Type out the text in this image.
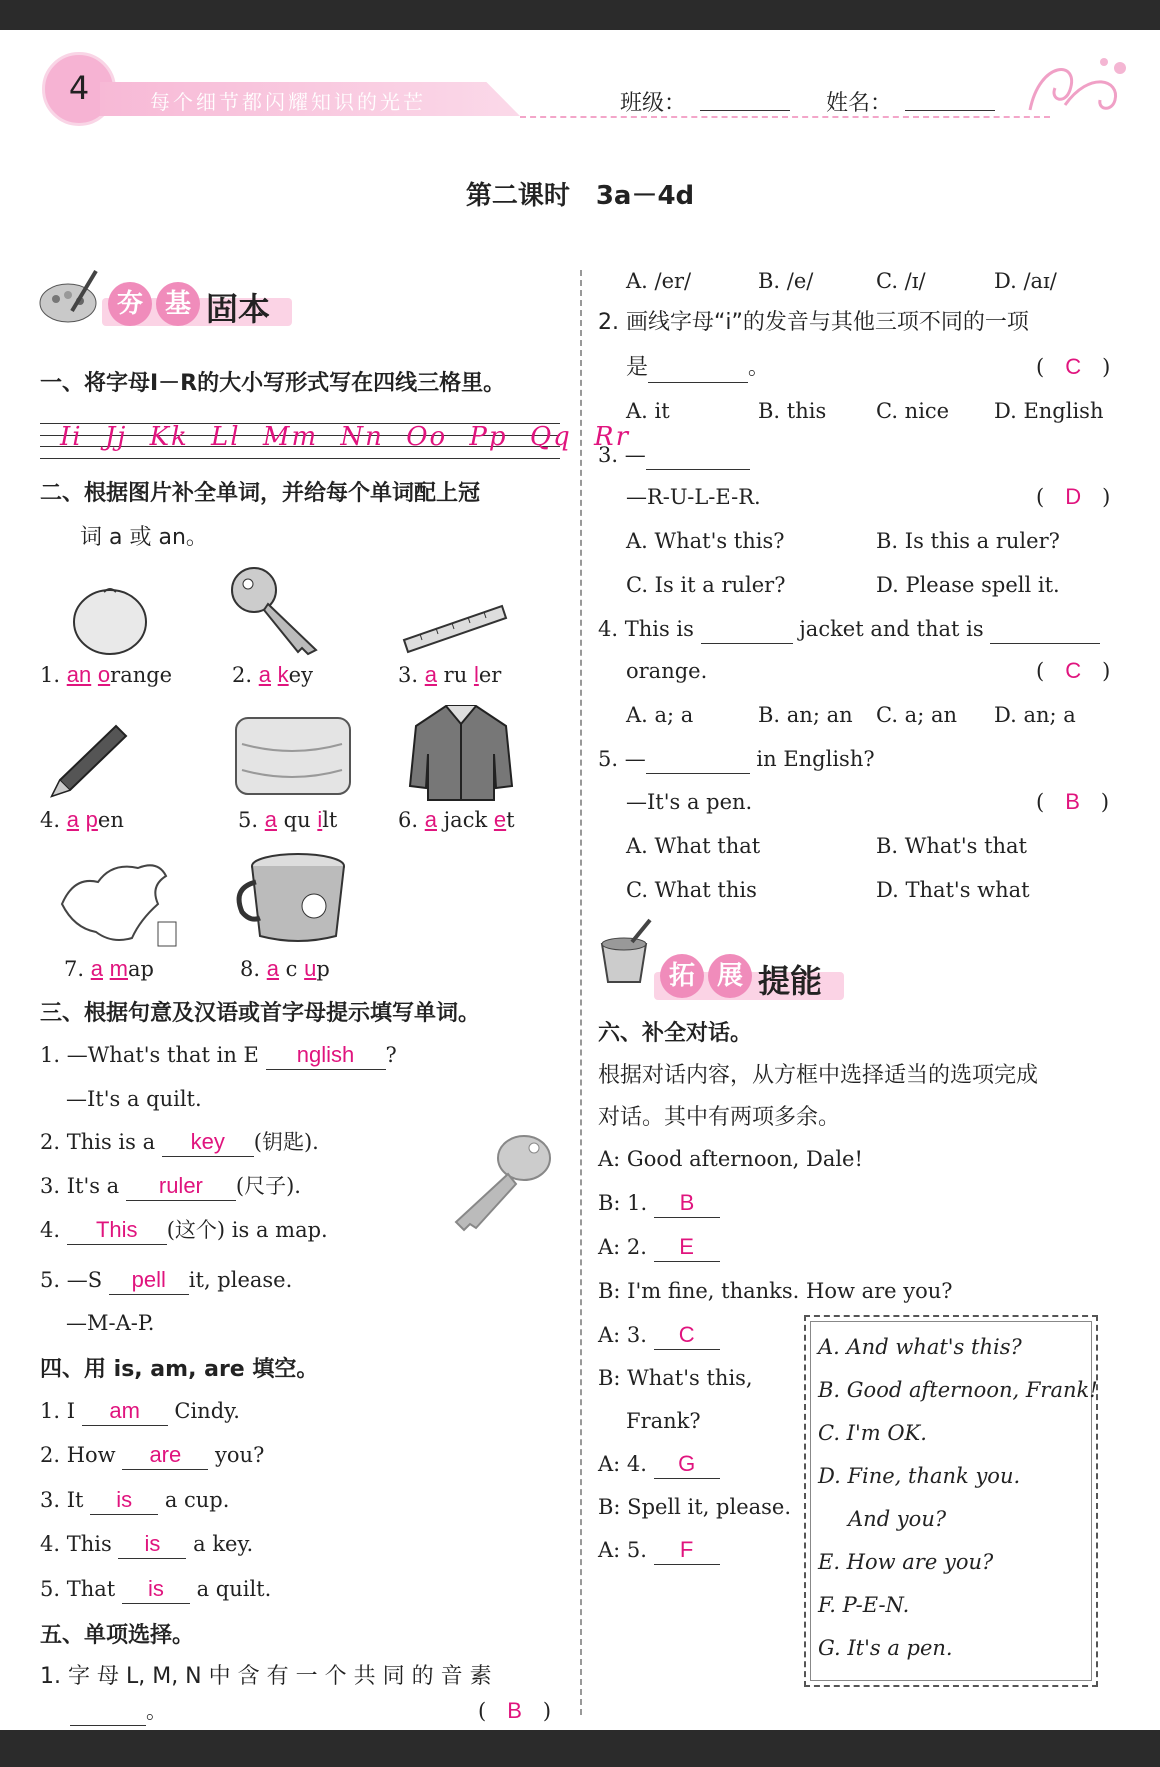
4	每个细节都闪耀知识的光芒	班级：	姓名：
第二课时　3a－4d
夯 基 固本
一、将字母I－R的大小写形式写在四线三格里。
Ii Jj Kk Ll Mm Nn Oo Pp Qq Rr
二、根据图片补全单词，并给每个单词配上冠
词 a 或 an。
1. an orange	2. a key	3. a ru ler
4. a pen	5. a qu ilt	6. a jack et
7. a map	8. a c up
三、根据句意及汉语或首字母提示填写单词。
1. —What's that in E nglish ?
—It's a quilt.
2. This is a key (钥匙).
3. It's a ruler (尺子).
4. This (这个) is a map.
5. —S pell it, please.
—M-A-P.
四、用 is, am, are 填空。
1. I am Cindy.
2. How are you?
3. It is a cup.
4. This is a key.
5. That is a quilt.
五、单项选择。
1. 字 母 L, M, N 中 含 有 一 个 共 同 的 音 素
。	(　B　)
A. /er/	B. /e/	C. /ɪ/	D. /aɪ/
2. 画线字母“i”的发音与其他三项不同的一项
是	。	(　C　)
A. it	B. this C. nice D. English
3. —
—R-U-L-E-R.	(　D　)
A. What's this?	B. Is this a ruler?
C. Is it a ruler?	D. Please spell it.
4. This is	jacket and that is
orange.	(　C　)
A. a; a	B. an; an C. a; an D. an; a
5. —	in English?
—It's a pen.	(　B　)
A. What that	B. What's that
C. What this	D. That's what
拓 展 提能
六、补全对话。
根据对话内容，从方框中选择适当的选项完成
对话。其中有两项多余。
A: Good afternoon, Dale!
B: 1. B
A: 2. E
B: I'm fine, thanks. How are you?
A: 3. C
B: What's this,
Frank?
A: 4. G
B: Spell it, please.
A: 5. F
A. And what's this?
B. Good afternoon, Frank!
C. I'm OK.
D. Fine, thank you.
And you?
E. How are you?
F. P-E-N.
G. It's a pen.
